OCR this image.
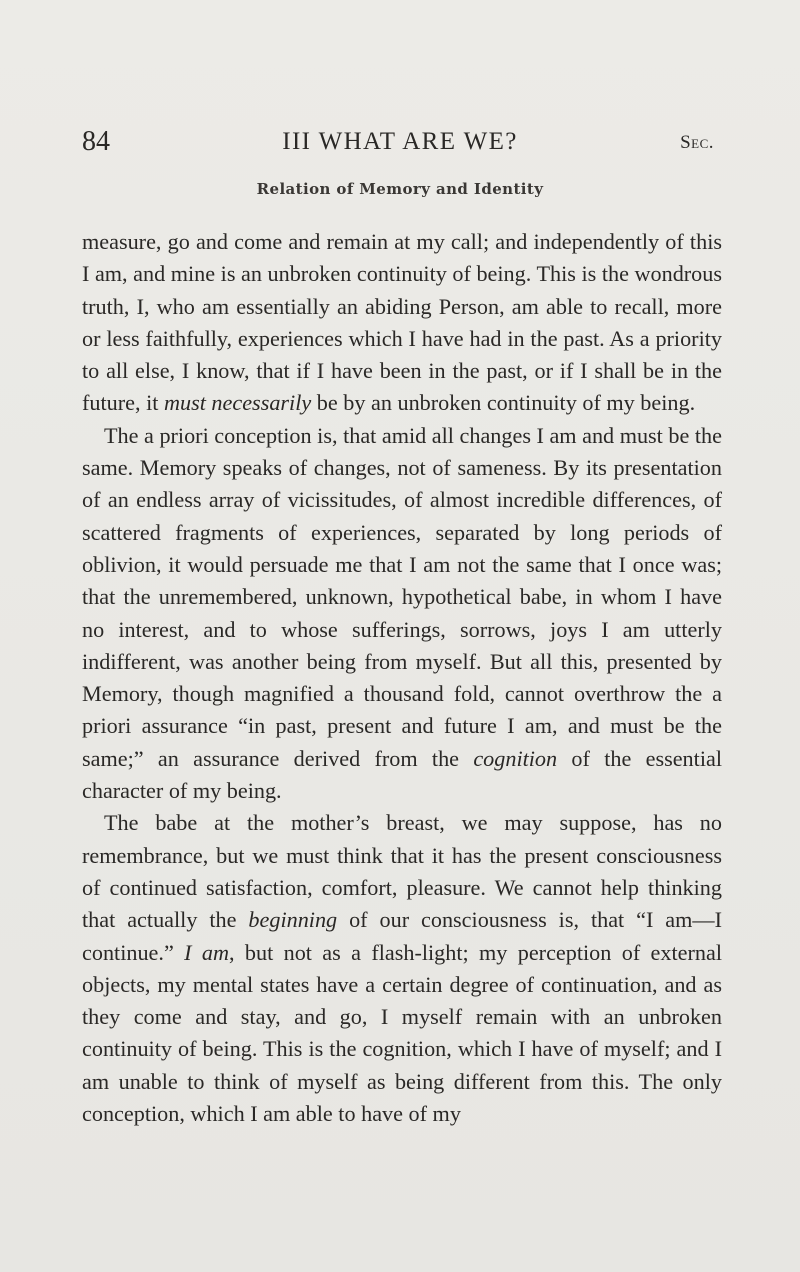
84	III WHAT ARE WE?	Sec.
Relation of Memory and Identity

measure, go and come and remain at my call; and independently of this I am, and mine is an unbroken continuity of being. This is the wondrous truth, I, who am essentially an abiding Person, am able to recall, more or less faithfully, experiences which I have had in the past. As a priority to all else, I know, that if I have been in the past, or if I shall be in the future, it must necessarily be by an unbroken continuity of my being.

The a priori conception is, that amid all changes I am and must be the same. Memory speaks of changes, not of sameness. By its presentation of an endless array of vicissitudes, of almost incredible differences, of scattered fragments of experiences, separated by long periods of oblivion, it would persuade me that I am not the same that I once was; that the unremembered, unknown, hypothetical babe, in whom I have no interest, and to whose sufferings, sorrows, joys I am utterly indifferent, was another being from myself. But all this, presented by Memory, though magnified a thousand fold, cannot overthrow the a priori assurance “in past, present and future I am, and must be the same;” an assurance derived from the cognition of the essential character of my being.

The babe at the mother’s breast, we may suppose, has no remembrance, but we must think that it has the present consciousness of continued satisfaction, comfort, pleasure. We cannot help thinking that actually the beginning of our consciousness is, that “I am—I continue.” I am, but not as a flash-light; my perception of external objects, my mental states have a certain degree of continuation, and as they come and stay, and go, I myself remain with an unbroken continuity of being. This is the cognition, which I have of myself; and I am unable to think of myself as being different from this. The only conception, which I am able to have of my
